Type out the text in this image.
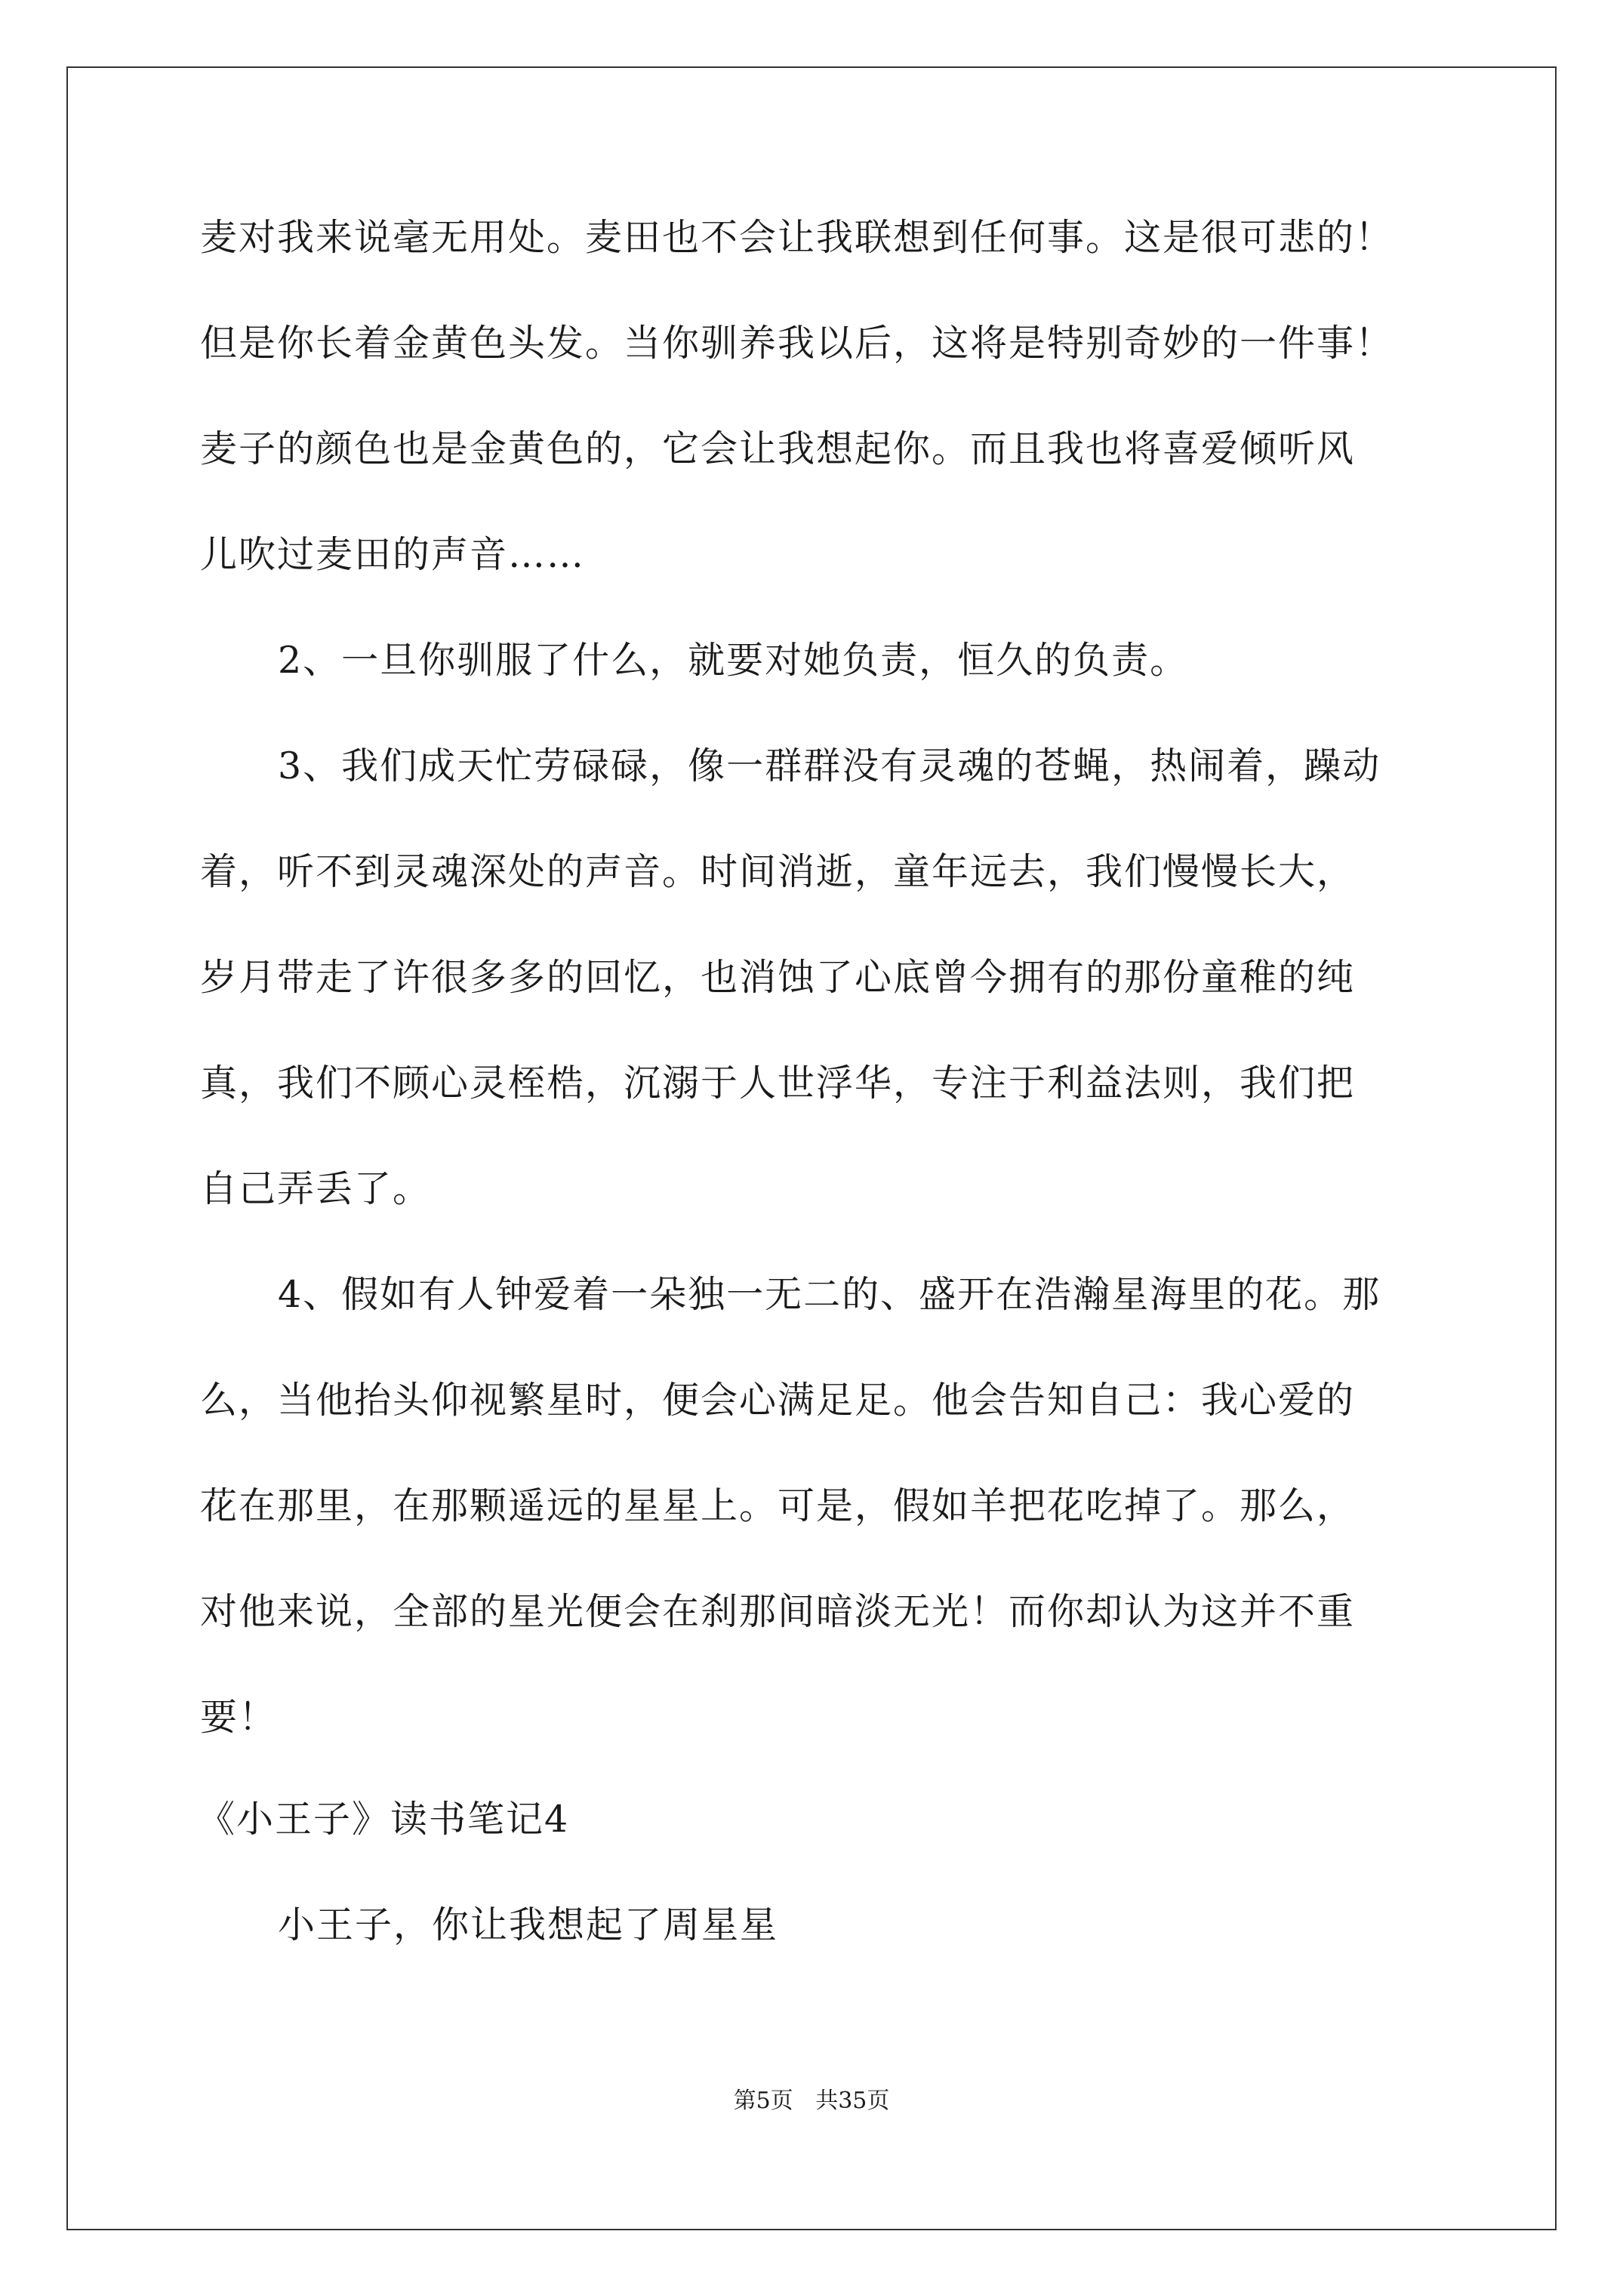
麦对我来说毫无用处。麦田也不会让我联想到任何事。这是很可悲的！
但是你长着金黄色头发。当你驯养我以后，这将是特别奇妙的一件事！
麦子的颜色也是金黄色的，它会让我想起你。而且我也将喜爱倾听风
儿吹过麦田的声音……
2、一旦你驯服了什么，就要对她负责，恒久的负责。
3、我们成天忙劳碌碌，像一群群没有灵魂的苍蝇，热闹着，躁动
着，听不到灵魂深处的声音。时间消逝，童年远去，我们慢慢长大，
岁月带走了许很多多的回忆，也消蚀了心底曾今拥有的那份童稚的纯
真，我们不顾心灵桎梏，沉溺于人世浮华，专注于利益法则，我们把
自己弄丢了。
4、假如有人钟爱着一朵独一无二的、盛开在浩瀚星海里的花。那
么，当他抬头仰视繁星时，便会心满足足。他会告知自己：我心爱的
花在那里，在那颗遥远的星星上。可是，假如羊把花吃掉了。那么，
对他来说，全部的星光便会在刹那间暗淡无光！而你却认为这并不重
要！
《小王子》读书笔记4
小王子，你让我想起了周星星
第5页 共35页
